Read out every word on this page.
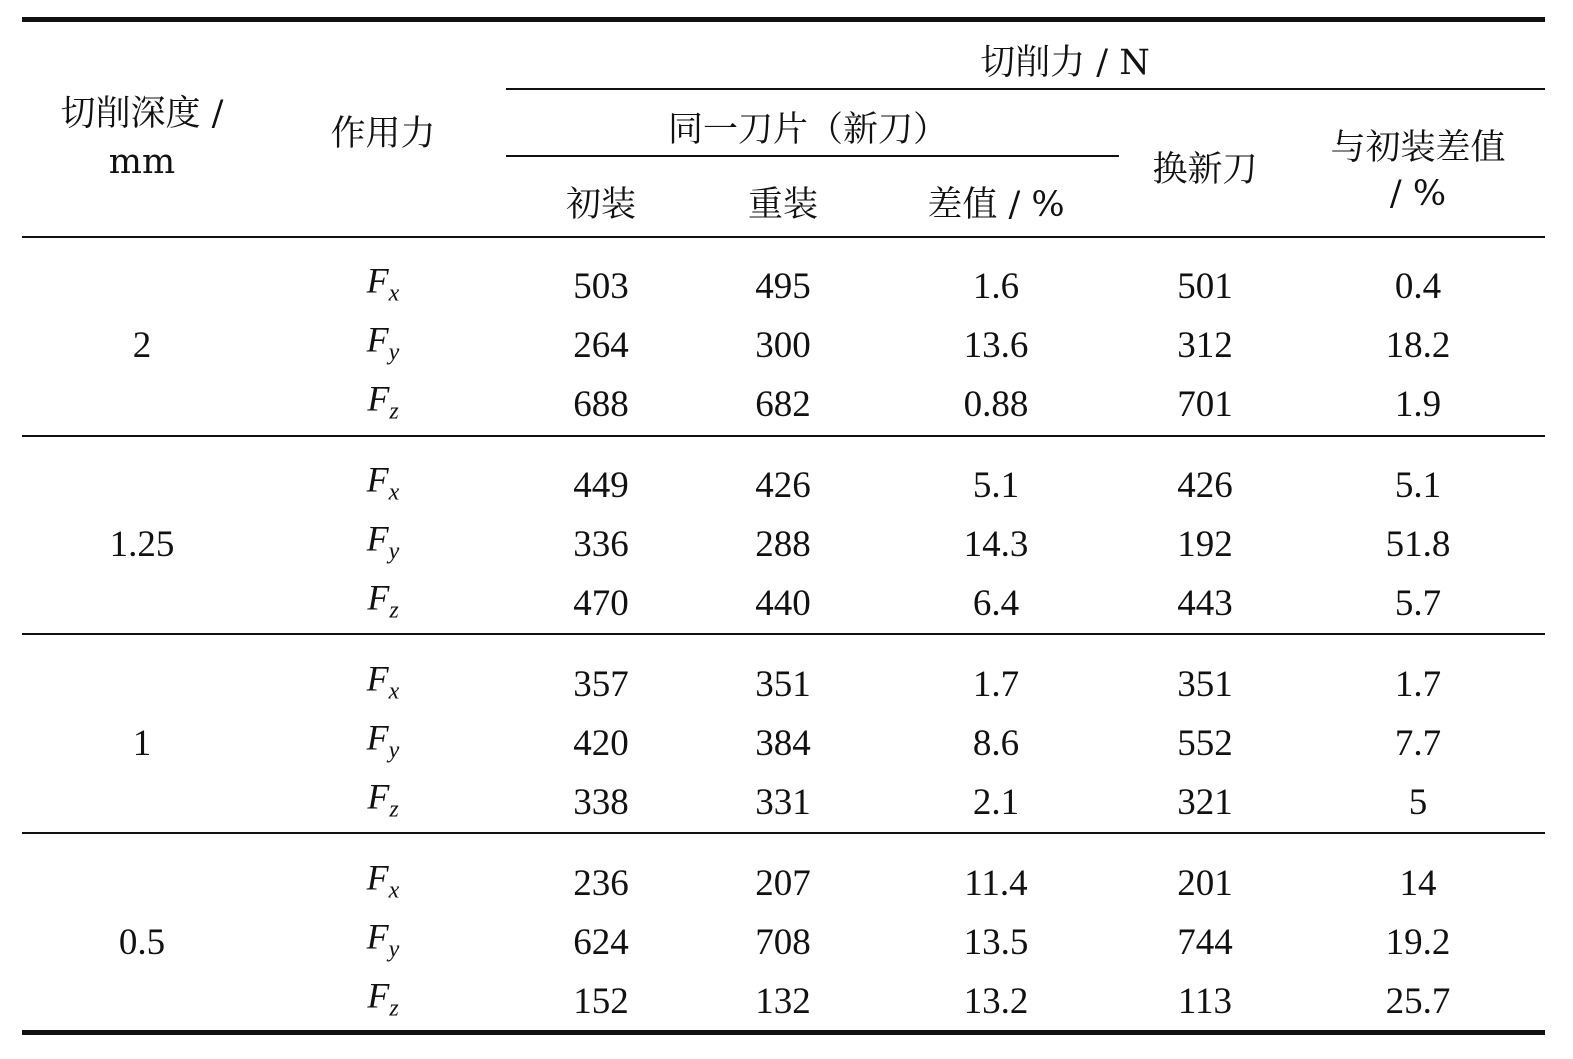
切削深度 /
mm
作用力
切削力 / N
同一刀片（新刀）
初装	重装	差值 / %
换新刀
与初装差值
/ %
2
$F_x$	503	495	1.6	501	0.4
$F_y$	264	300	13.6	312	18.2
$F_z$	688	682	0.88	701	1.9
1.25
$F_x$	449	426	5.1	426	5.1
$F_y$	336	288	14.3	192	51.8
$F_z$	470	440	6.4	443	5.7
1
$F_x$	357	351	1.7	351	1.7
$F_y$	420	384	8.6	552	7.7
$F_z$	338	331	2.1	321	5
0.5
$F_x$	236	207	11.4	201	14
$F_y$	624	708	13.5	744	19.2
$F_z$	152	132	13.2	113	25.7
